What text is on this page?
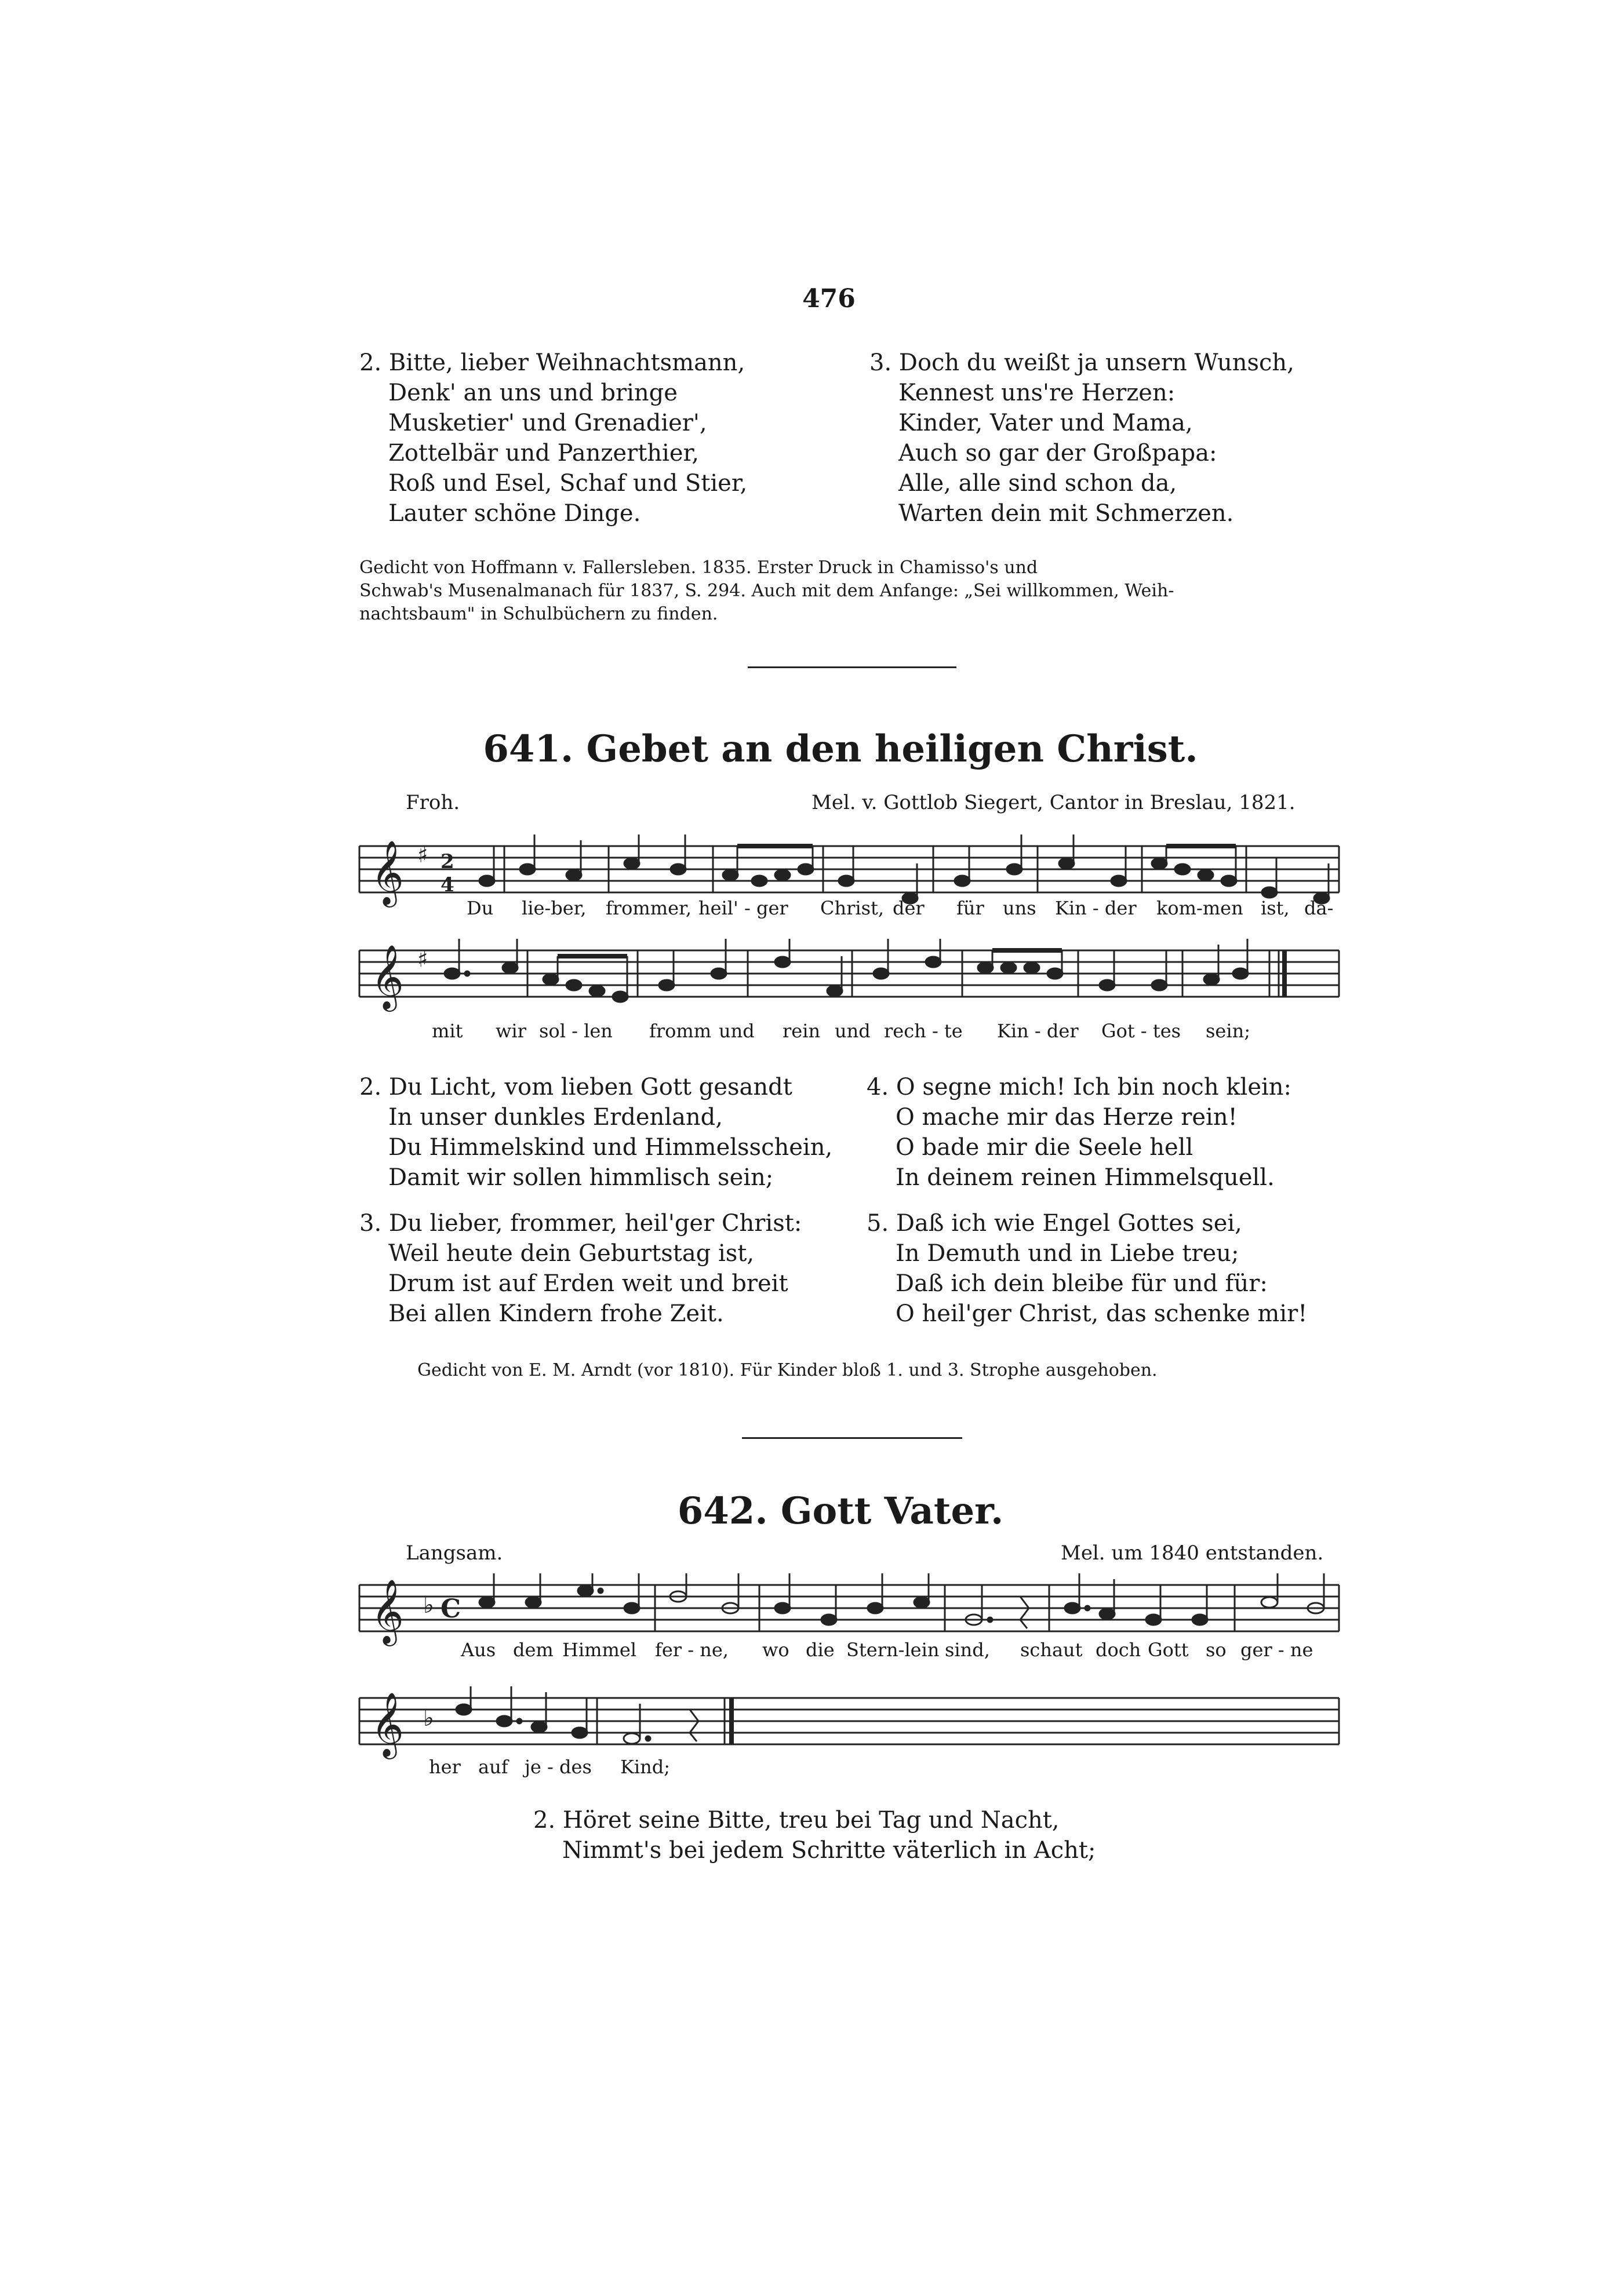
476
2. Bitte, lieber Weihnachtsmann,
Denk' an uns und bringe
Musketier' und Grenadier',
Zottelbär und Panzerthier,
Roß und Esel, Schaf und Stier,
Lauter schöne Dinge.
3. Doch du weißt ja unsern Wunsch,
Kennest uns're Herzen:
Kinder, Vater und Mama,
Auch so gar der Großpapa:
Alle, alle sind schon da,
Warten dein mit Schmerzen.
Gedicht von Hoffmann v. Fallersleben. 1835. Erster Druck in Chamisso's und
Schwab's Musenalmanach für 1837, S. 294. Auch mit dem Anfange: „Sei willkommen, Weih-
nachtsbaum" in Schulbüchern zu finden.
641. Gebet an den heiligen Christ.
Froh.	Mel. v. Gottlob Siegert, Cantor in Breslau, 1821.
𝄞 ♯ 2
4
Du lie-ber, frommer, heil' - ger Christ, der für uns Kin - der kom-men ist, da-
𝄞 ♯
mit wir sol - len fromm und rein und rech - te Kin - der Got - tes sein;
2. Du Licht, vom lieben Gott gesandt
In unser dunkles Erdenland,
Du Himmelskind und Himmelsschein,
Damit wir sollen himmlisch sein;
4. O segne mich! Ich bin noch klein:
O mache mir das Herze rein!
O bade mir die Seele hell
In deinem reinen Himmelsquell.
3. Du lieber, frommer, heil'ger Christ:
Weil heute dein Geburtstag ist,
Drum ist auf Erden weit und breit
Bei allen Kindern frohe Zeit.
5. Daß ich wie Engel Gottes sei,
In Demuth und in Liebe treu;
Daß ich dein bleibe für und für:
O heil'ger Christ, das schenke mir!
Gedicht von E. M. Arndt (vor 1810). Für Kinder bloß 1. und 3. Strophe ausgehoben.
642. Gott Vater.
Langsam.	Mel. um 1840 entstanden.
𝄞 ♭ C
Aus dem Himmel fer - ne, wo die Stern-lein sind, schaut doch Gott so ger - ne
𝄞 ♭
her auf je - des Kind;
2. Höret seine Bitte, treu bei Tag und Nacht,
Nimmt's bei jedem Schritte väterlich in Acht;
